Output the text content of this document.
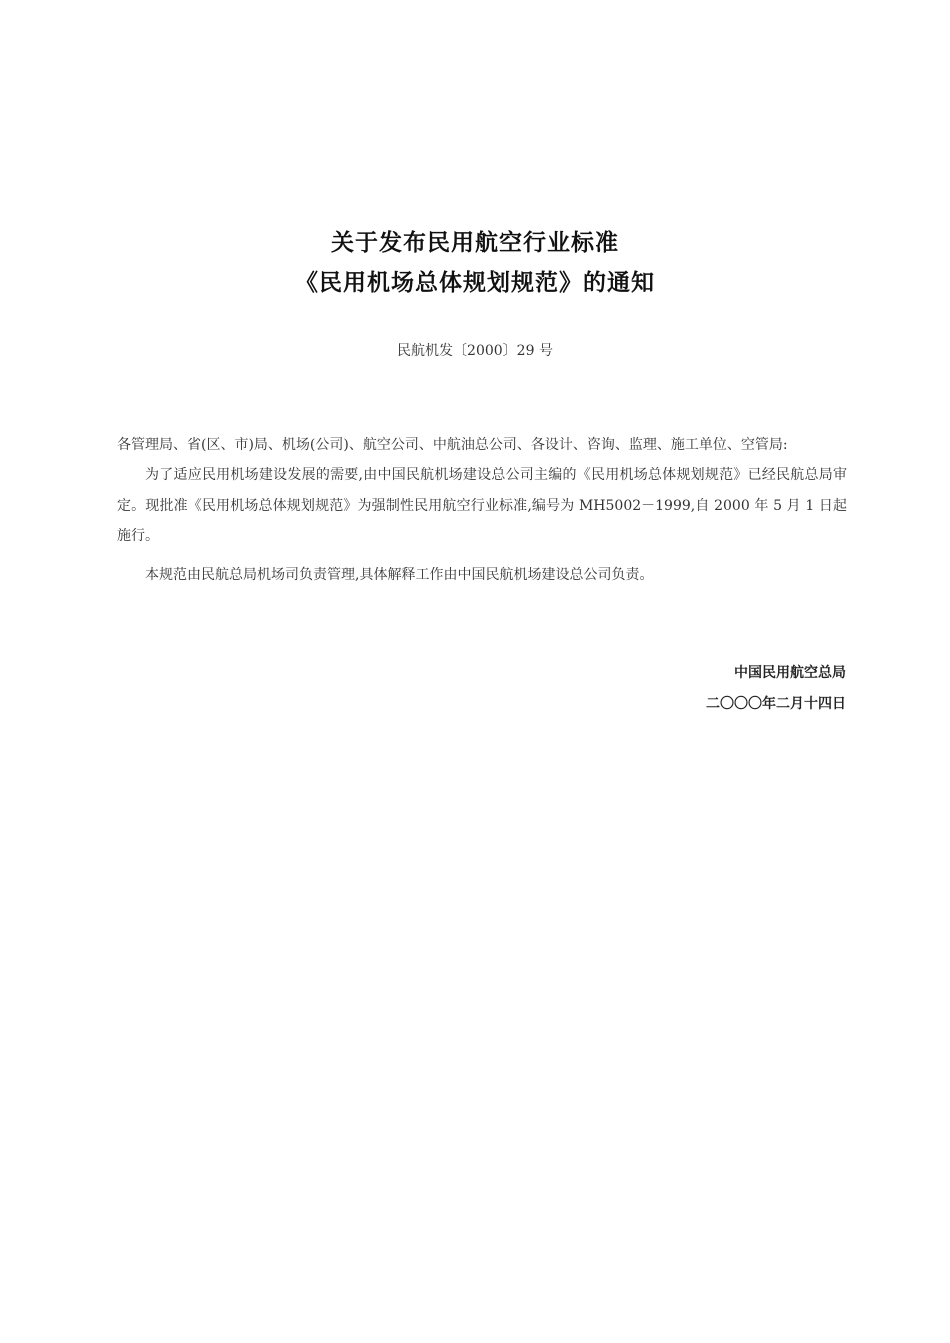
关于发布民用航空行业标准
《民用机场总体规划规范》的通知
民航机发〔2000〕29 号
各管理局、省(区、市)局、机场(公司)、航空公司、中航油总公司、各设计、咨询、监理、施工单位、空管局:
为了适应民用机场建设发展的需要,由中国民航机场建设总公司主编的《民用机场总体规划规范》已经民航总局审定。现批准《民用机场总体规划规范》为强制性民用航空行业标准,编号为 MH5002－1999,自 2000 年 5 月 1 日起施行。
本规范由民航总局机场司负责管理,具体解释工作由中国民航机场建设总公司负责。
中国民用航空总局
二〇〇〇年二月十四日
